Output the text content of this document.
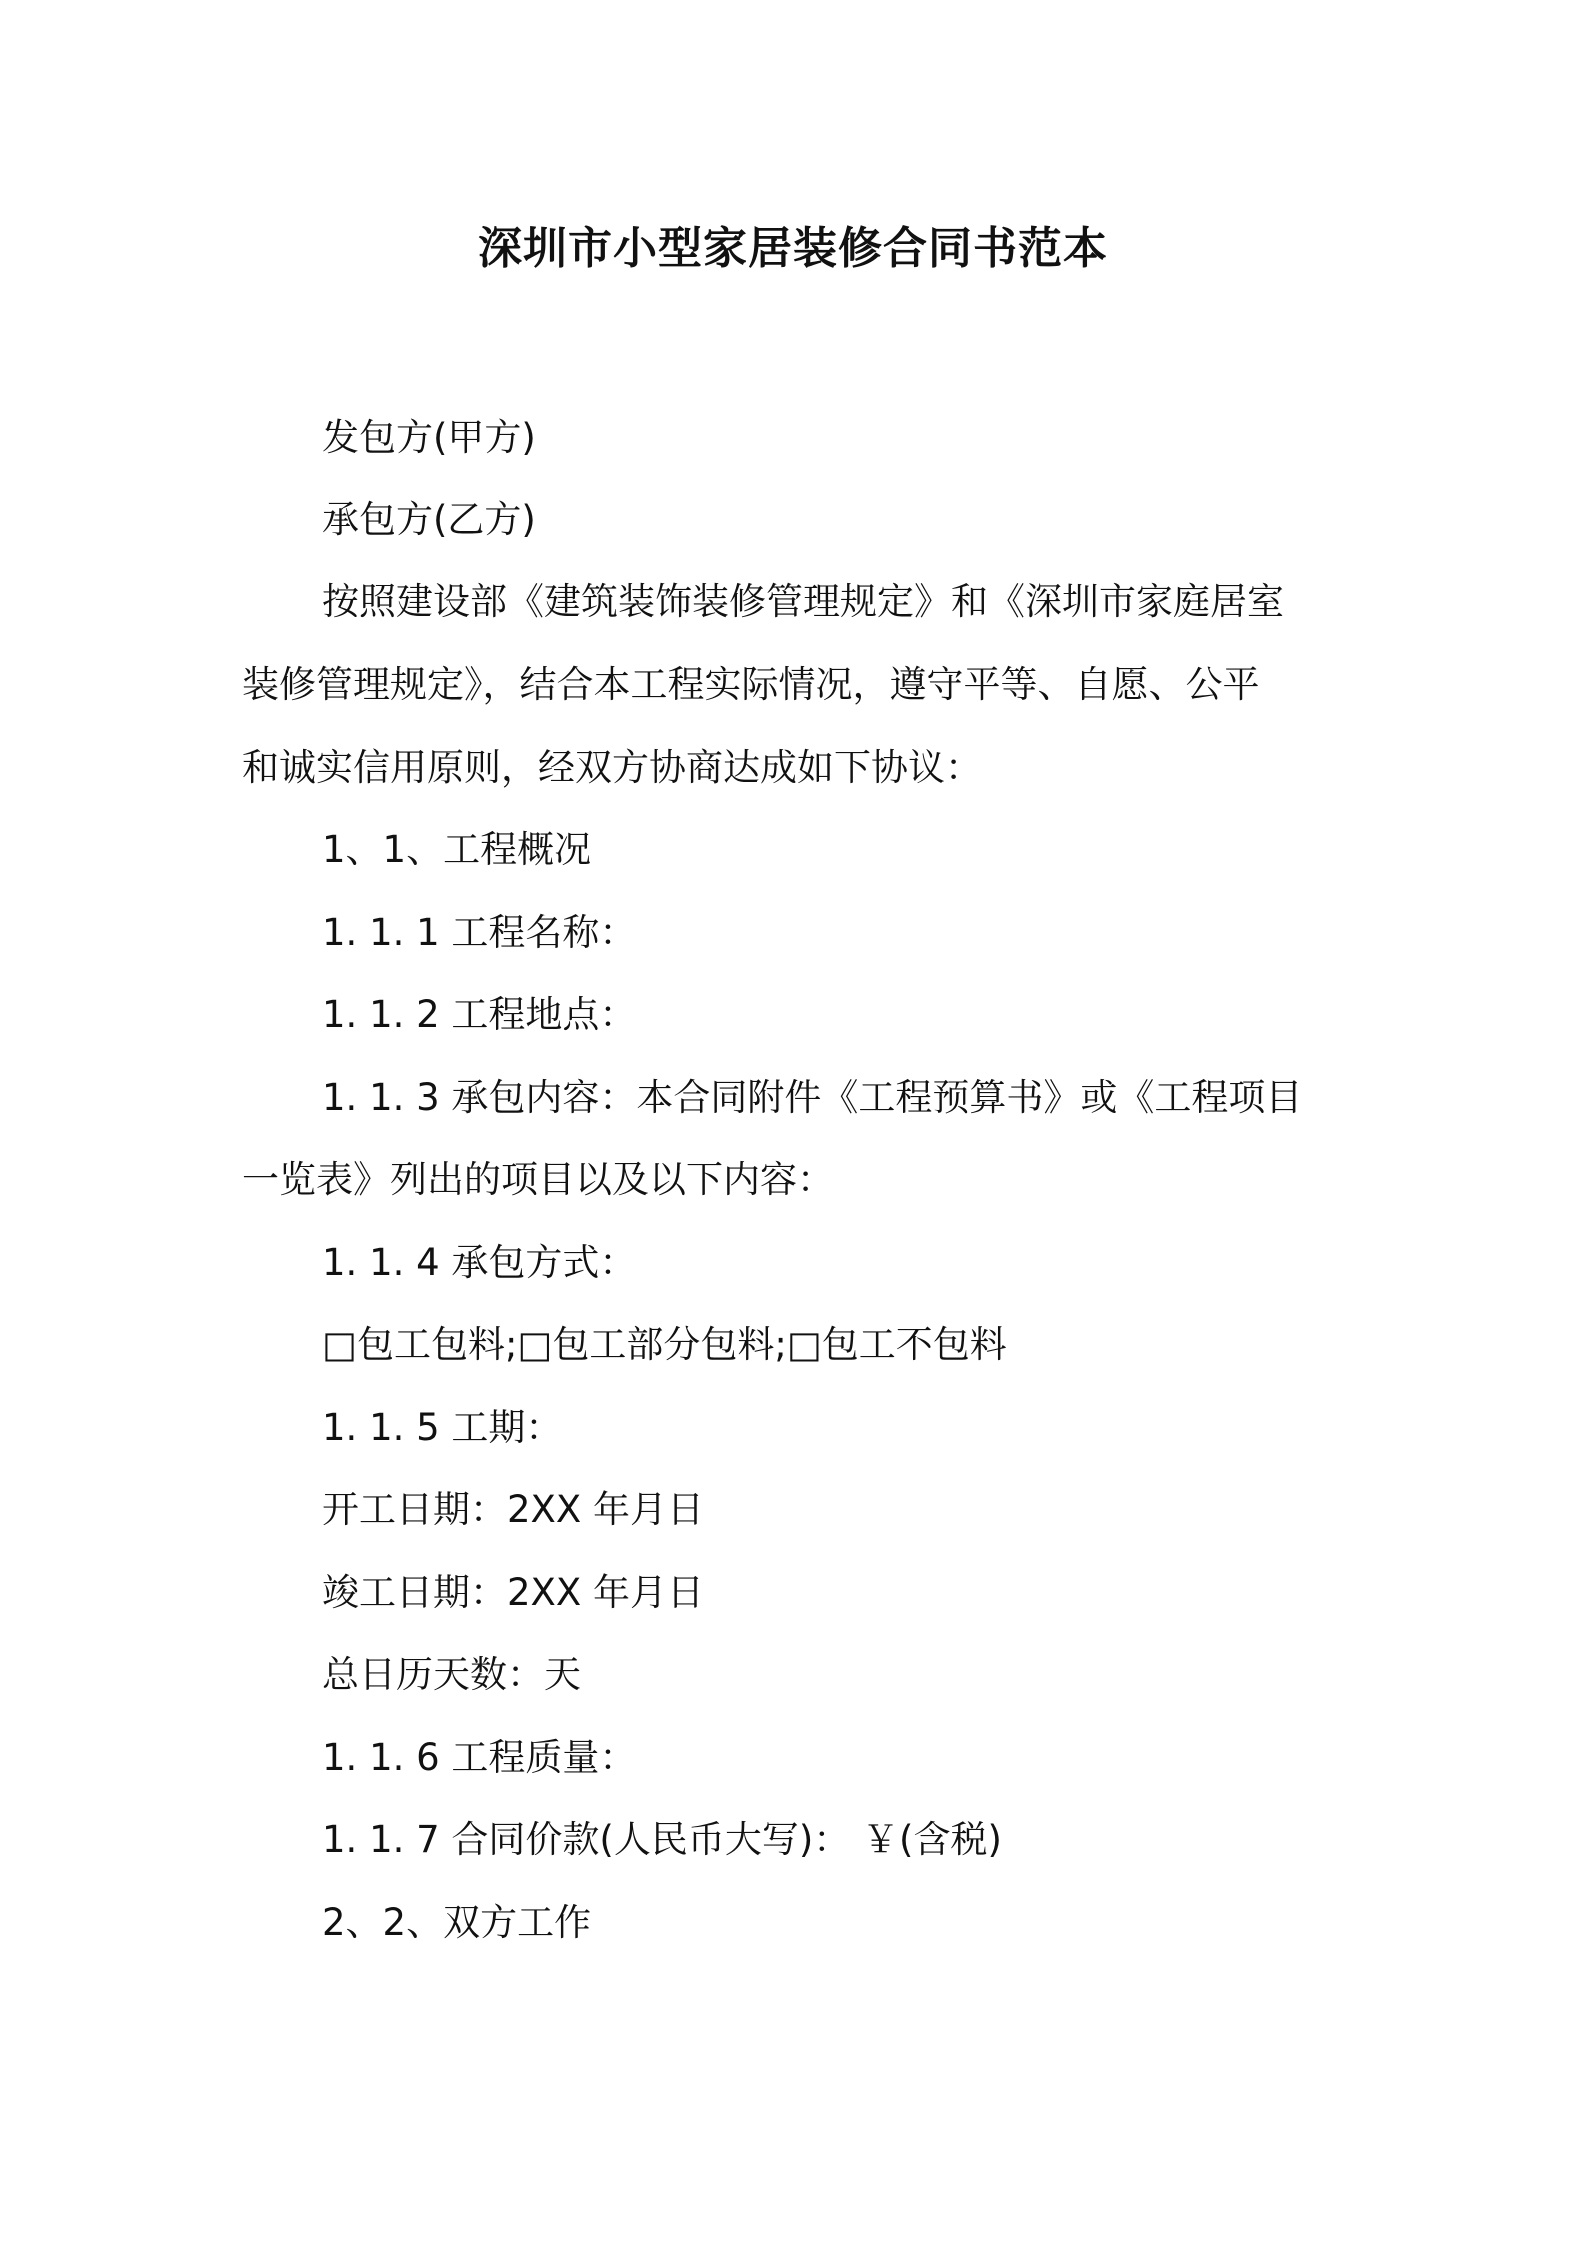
深圳市小型家居装修合同书范本
发包方(甲方)
承包方(乙方)
按照建设部《建筑装饰装修管理规定》和《深圳市家庭居室
装修管理规定》，结合本工程实际情况，遵守平等、自愿、公平
和诚实信用原则，经双方协商达成如下协议：
1、1、工程概况
1. 1. 1 工程名称：
1. 1. 2 工程地点：
1. 1. 3 承包内容：本合同附件《工程预算书》或《工程项目
一览表》列出的项目以及以下内容：
1. 1. 4 承包方式：
□包工包料;□包工部分包料;□包工不包料
1. 1. 5 工期：
开工日期：2XX 年月日
竣工日期：2XX 年月日
总日历天数：天
1. 1. 6 工程质量：
1. 1. 7 合同价款(人民币大写)： ￥(含税)
2、2、双方工作
